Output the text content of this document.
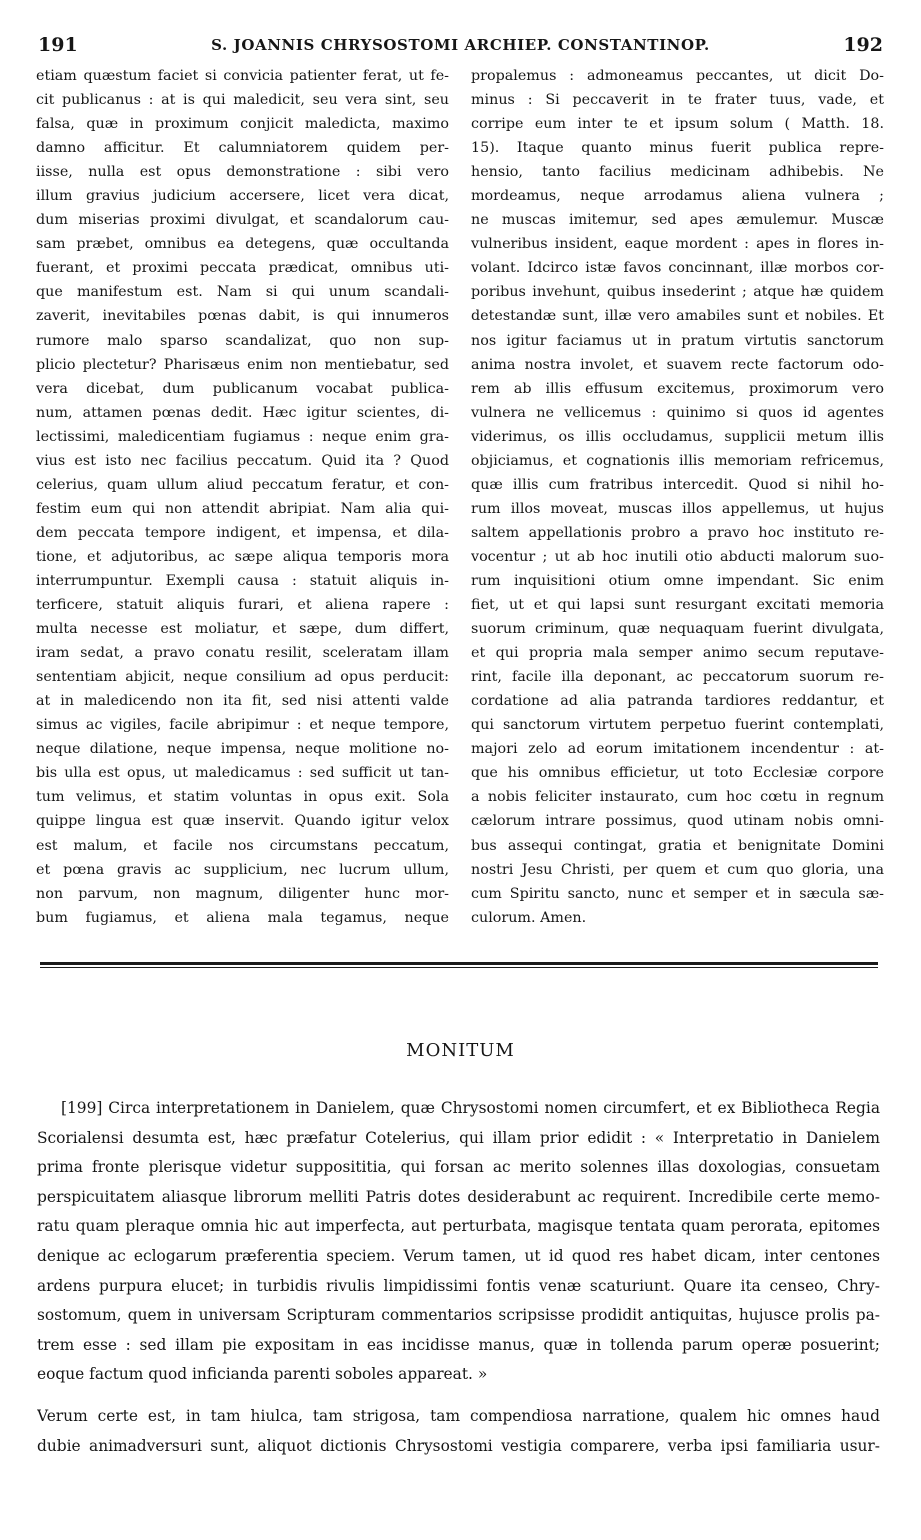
191	S. JOANNIS CHRYSOSTOMI ARCHIEP. CONSTANTINOP.	192
etiam quæstum faciet si convicia patienter ferat, ut fe-
cit publicanus : at is qui maledicit, seu vera sint, seu
falsa, quæ in proximum conjicit maledicta, maximo
damno afficitur. Et calumniatorem quidem per-
iisse, nulla est opus demonstratione : sibi vero
illum gravius judicium accersere, licet vera dicat,
dum miserias proximi divulgat, et scandalorum cau-
sam præbet, omnibus ea detegens, quæ occultanda
fuerant, et proximi peccata prædicat, omnibus uti-
que manifestum est. Nam si qui unum scandali-
zaverit, inevitabiles pœnas dabit, is qui innumeros
rumore malo sparso scandalizat, quo non sup-
plicio plectetur? Pharisæus enim non mentiebatur, sed
vera dicebat, dum publicanum vocabat publica-
num, attamen pœnas dedit. Hæc igitur scientes, di-
lectissimi, maledicentiam fugiamus : neque enim gra-
vius est isto nec facilius peccatum. Quid ita ? Quod
celerius, quam ullum aliud peccatum feratur, et con-
festim eum qui non attendit abripiat. Nam alia qui-
dem peccata tempore indigent, et impensa, et dila-
tione, et adjutoribus, ac sæpe aliqua temporis mora
interrumpuntur. Exempli causa : statuit aliquis in-
terficere, statuit aliquis furari, et aliena rapere :
multa necesse est moliatur, et sæpe, dum differt,
iram sedat, a pravo conatu resilit, sceleratam illam
sententiam abjicit, neque consilium ad opus perducit:
at in maledicendo non ita fit, sed nisi attenti valde
simus ac vigiles, facile abripimur : et neque tempore,
neque dilatione, neque impensa, neque molitione no-
bis ulla est opus, ut maledicamus : sed sufficit ut tan-
tum velimus, et statim voluntas in opus exit. Sola
quippe lingua est quæ inservit. Quando igitur velox
est malum, et facile nos circumstans peccatum,
et pœna gravis ac supplicium, nec lucrum ullum,
non parvum, non magnum, diligenter hunc mor-
bum fugiamus, et aliena mala tegamus, neque
propalemus : admoneamus peccantes, ut dicit Do-
minus : Si peccaverit in te frater tuus, vade, et
corripe eum inter te et ipsum solum ( Matth. 18.
15). Itaque quanto minus fuerit publica repre-
hensio, tanto facilius medicinam adhibebis. Ne
mordeamus, neque arrodamus aliena vulnera ;
ne muscas imitemur, sed apes æmulemur. Muscæ
vulneribus insident, eaque mordent : apes in flores in-
volant. Idcirco istæ favos concinnant, illæ morbos cor-
poribus invehunt, quibus insederint ; atque hæ quidem
detestandæ sunt, illæ vero amabiles sunt et nobiles. Et
nos igitur faciamus ut in pratum virtutis sanctorum
anima nostra involet, et suavem recte factorum odo-
rem ab illis effusum excitemus, proximorum vero
vulnera ne vellicemus : quinimo si quos id agentes
viderimus, os illis occludamus, supplicii metum illis
objiciamus, et cognationis illis memoriam refricemus,
quæ illis cum fratribus intercedit. Quod si nihil ho-
rum illos moveat, muscas illos appellemus, ut hujus
saltem appellationis probro a pravo hoc instituto re-
vocentur ; ut ab hoc inutili otio abducti malorum suo-
rum inquisitioni otium omne impendant. Sic enim
fiet, ut et qui lapsi sunt resurgant excitati memoria
suorum criminum, quæ nequaquam fuerint divulgata,
et qui propria mala semper animo secum reputave-
rint, facile illa deponant, ac peccatorum suorum re-
cordatione ad alia patranda tardiores reddantur, et
qui sanctorum virtutem perpetuo fuerint contemplati,
majori zelo ad eorum imitationem incendentur : at-
que his omnibus efficietur, ut toto Ecclesiæ corpore
a nobis feliciter instaurato, cum hoc cœtu in regnum
cælorum intrare possimus, quod utinam nobis omni-
bus assequi contingat, gratia et benignitate Domini
nostri Jesu Christi, per quem et cum quo gloria, una
cum Spiritu sancto, nunc et semper et in sæcula sæ-
culorum. Amen.
MONITUM
[199] Circa interpretationem in Danielem, quæ Chrysostomi nomen circumfert, et ex Bibliotheca Regia
Scorialensi desumta est, hæc præfatur Cotelerius, qui illam prior edidit : « Interpretatio in Danielem
prima fronte plerisque videtur supposititia, qui forsan ac merito solennes illas doxologias, consuetam
perspicuitatem aliasque librorum melliti Patris dotes desiderabunt ac requirent. Incredibile certe memo-
ratu quam pleraque omnia hic aut imperfecta, aut perturbata, magisque tentata quam perorata, epitomes
denique ac eclogarum præferentia speciem. Verum tamen, ut id quod res habet dicam, inter centones
ardens purpura elucet; in turbidis rivulis limpidissimi fontis venæ scaturiunt. Quare ita censeo, Chry-
sostomum, quem in universam Scripturam commentarios scripsisse prodidit antiquitas, hujusce prolis pa-
trem esse : sed illam pie expositam in eas incidisse manus, quæ in tollenda parum operæ posuerint;
eoque factum quod inficianda parenti soboles appareat. »
Verum certe est, in tam hiulca, tam strigosa, tam compendiosa narratione, qualem hic omnes haud
dubie animadversuri sunt, aliquot dictionis Chrysostomi vestigia comparere, verba ipsi familiaria usur-
